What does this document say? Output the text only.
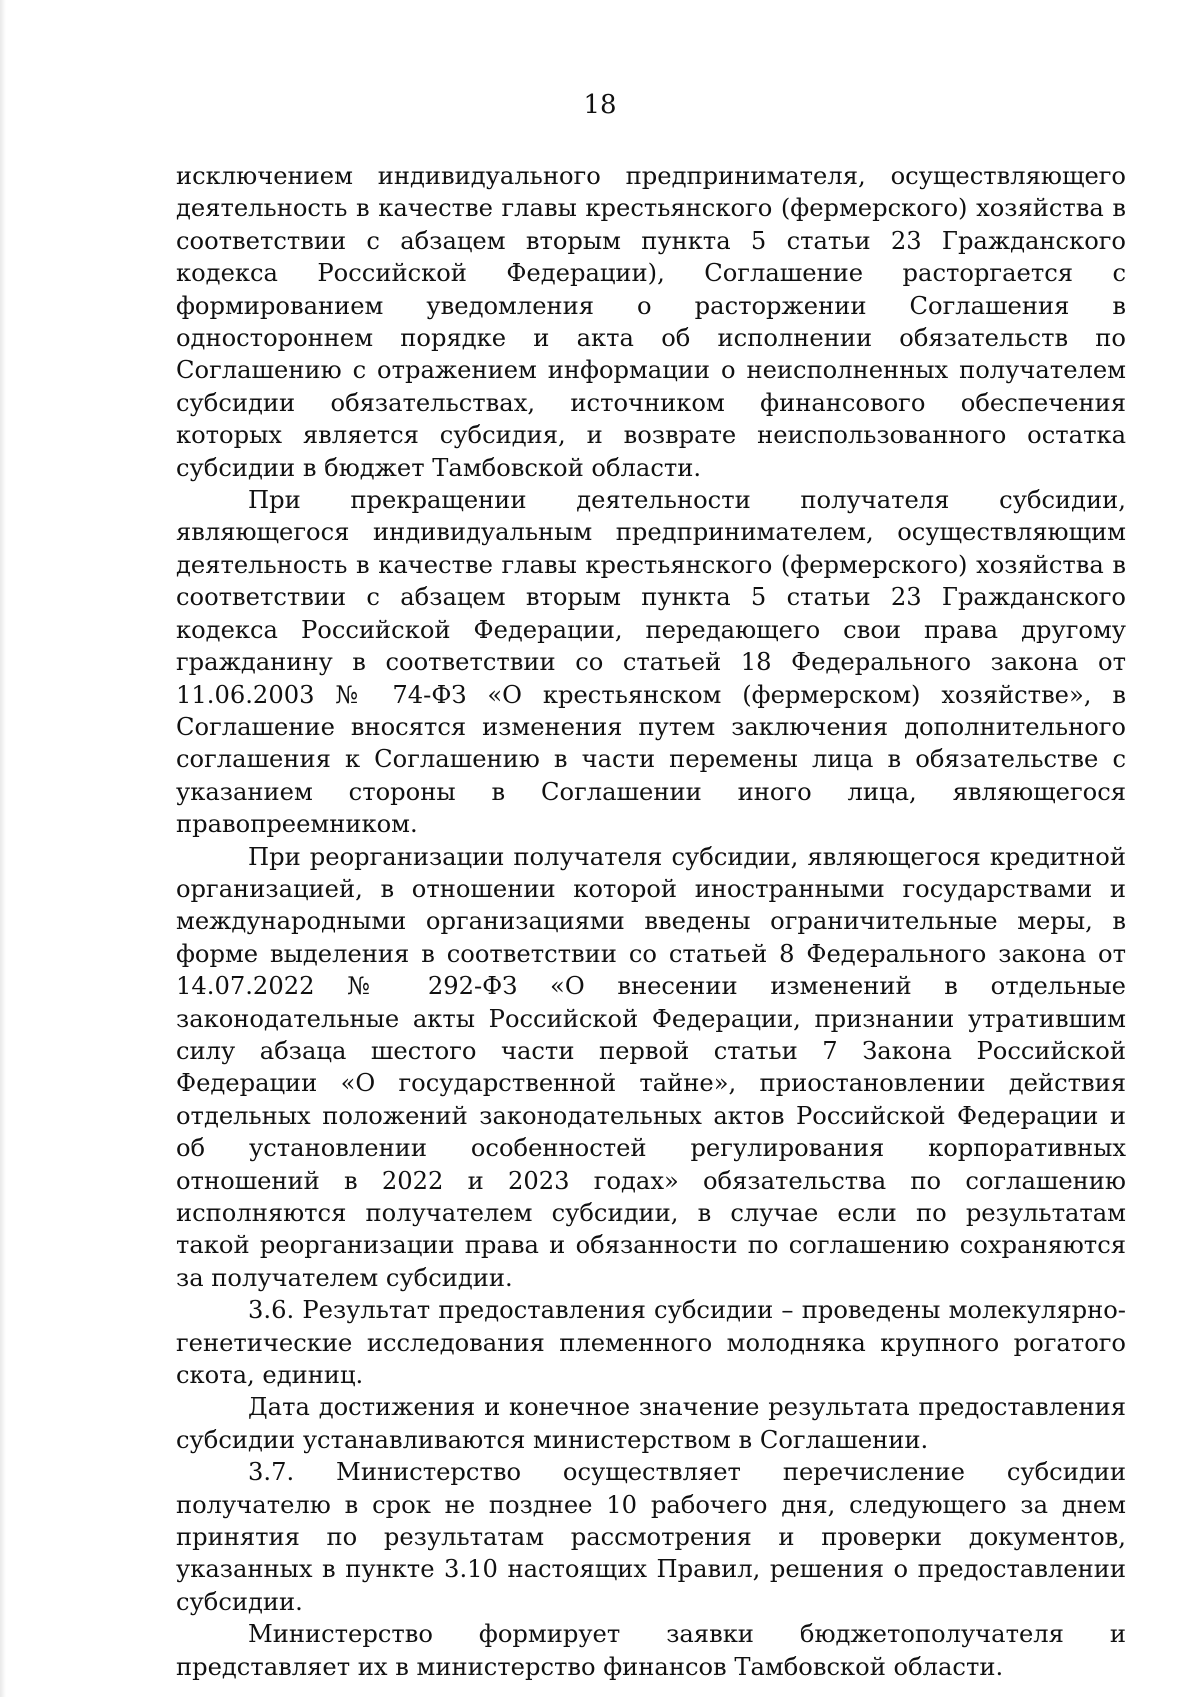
18

исключением индивидуального предпринимателя, осуществляющего деятельность в качестве главы крестьянского (фермерского) хозяйства в соответствии с абзацем вторым пункта 5 статьи 23 Гражданского кодекса Российской Федерации), Соглашение расторгается с формированием уведомления о расторжении Соглашения в одностороннем порядке и акта об исполнении обязательств по Соглашению с отражением информации о неисполненных получателем субсидии обязательствах, источником финансового обеспечения которых является субсидия, и возврате неиспользованного остатка субсидии в бюджет Тамбовской области.

При прекращении деятельности получателя субсидии, являющегося индивидуальным предпринимателем, осуществляющим деятельность в качестве главы крестьянского (фермерского) хозяйства в соответствии с абзацем вторым пункта 5 статьи 23 Гражданского кодекса Российской Федерации, передающего свои права другому гражданину в соответствии со статьей 18 Федерального закона от 11.06.2003 № 74-ФЗ «О крестьянском (фермерском) хозяйстве», в Соглашение вносятся изменения путем заключения дополнительного соглашения к Соглашению в части перемены лица в обязательстве с указанием стороны в Соглашении иного лица, являющегося правопреемником.

При реорганизации получателя субсидии, являющегося кредитной организацией, в отношении которой иностранными государствами и международными организациями введены ограничительные меры, в форме выделения в соответствии со статьей 8 Федерального закона от 14.07.2022 № 292-ФЗ «О внесении изменений в отдельные законодательные акты Российской Федерации, признании утратившим силу абзаца шестого части первой статьи 7 Закона Российской Федерации «О государственной тайне», приостановлении действия отдельных положений законодательных актов Российской Федерации и об установлении особенностей регулирования корпоративных отношений в 2022 и 2023 годах» обязательства по соглашению исполняются получателем субсидии, в случае если по результатам такой реорганизации права и обязанности по соглашению сохраняются за получателем субсидии.

3.6. Результат предоставления субсидии – проведены молекулярно-генетические исследования племенного молодняка крупного рогатого скота, единиц.

Дата достижения и конечное значение результата предоставления субсидии устанавливаются министерством в Соглашении.

3.7. Министерство осуществляет перечисление субсидии получателю в срок не позднее 10 рабочего дня, следующего за днем принятия по результатам рассмотрения и проверки документов, указанных в пункте 3.10 настоящих Правил, решения о предоставлении субсидии.

Министерство формирует заявки бюджетополучателя и представляет их в министерство финансов Тамбовской области.
